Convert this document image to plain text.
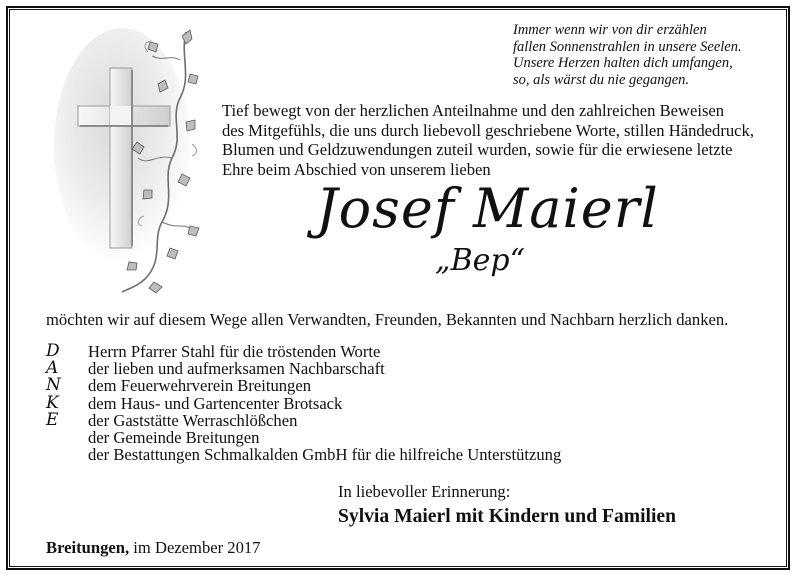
Immer wenn wir von dir erzählen
fallen Sonnenstrahlen in unsere Seelen.
Unsere Herzen halten dich umfangen,
so, als wärst du nie gegangen.
Tief bewegt von der herzlichen Anteilnahme und den zahlreichen Beweisen
des Mitgefühls, die uns durch liebevoll geschriebene Worte, stillen Händedruck,
Blumen und Geldzuwendungen zuteil wurden, sowie für die erwiesene letzte
Ehre beim Abschied von unserem lieben
Josef Maierl
„Bep“
möchten wir auf diesem Wege allen Verwandten, Freunden, Bekannten und Nachbarn herzlich danken.
D
A
N
K
E
Herrn Pfarrer Stahl für die tröstenden Worte
der lieben und aufmerksamen Nachbarschaft
dem Feuerwehrverein Breitungen
dem Haus- und Gartencenter Brotsack
der Gaststätte Werraschlößchen
der Gemeinde Breitungen
der Bestattungen Schmalkalden GmbH für die hilfreiche Unterstützung
In liebevoller Erinnerung:
Sylvia Maierl mit Kindern und Familien
Breitungen, im Dezember 2017
